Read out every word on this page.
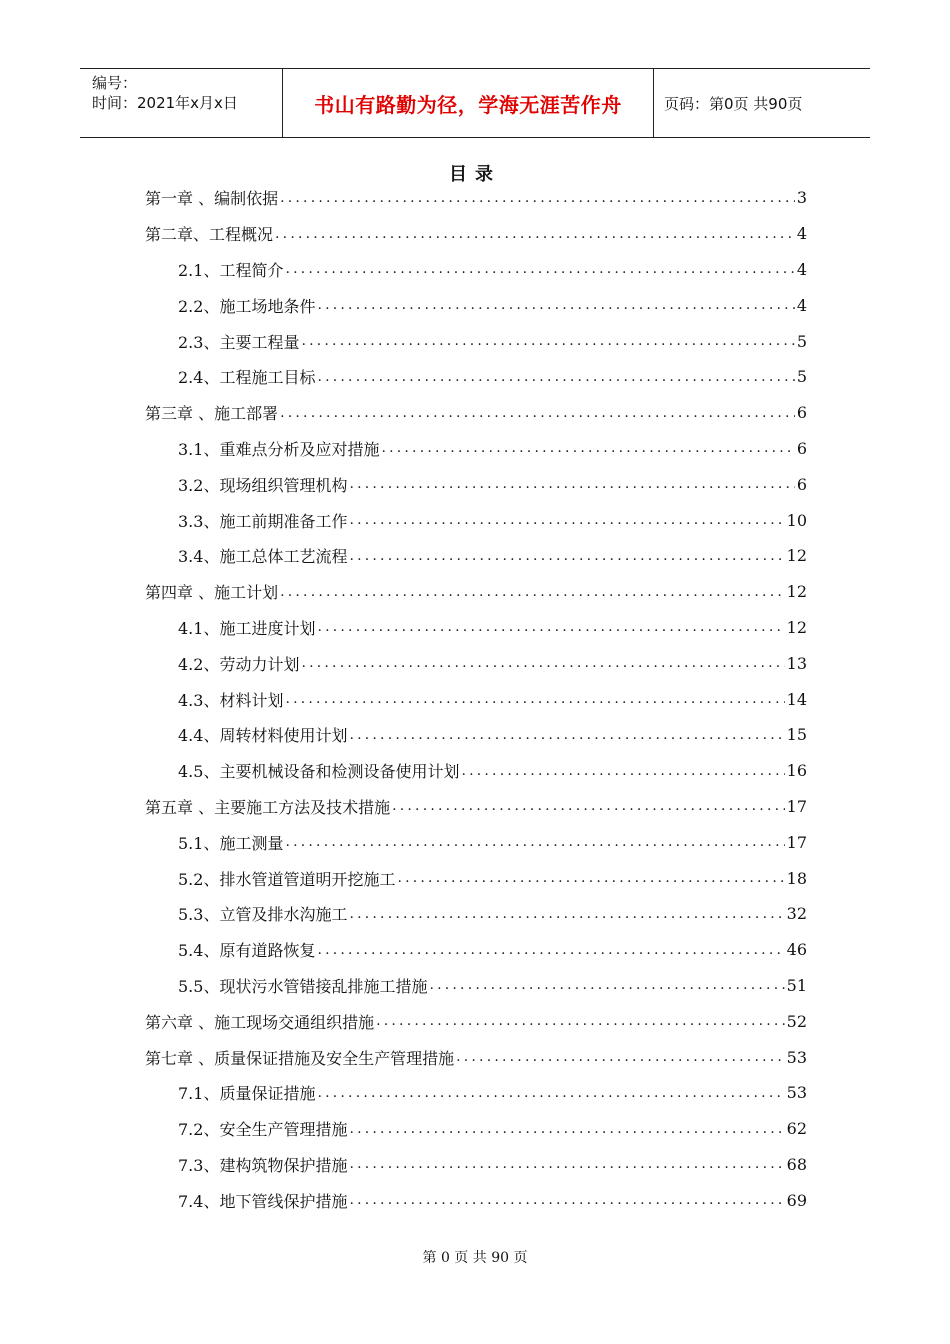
编号：
时间：2021年x月x日	书山有路勤为径，学海无涯苦作舟	页码：第0页 共90页
目录
第一章 、编制依据 .....	3
第二章、工程概况 .....	4
2.1、工程简介 .....	4
2.2、施工场地条件 .....	4
2.3、主要工程量 .....	5
2.4、工程施工目标 .....	5
第三章 、施工部署 .....	6
3.1、重难点分析及应对措施 .....	6
3.2、现场组织管理机构 .....	6
3.3、施工前期准备工作 .....	10
3.4、施工总体工艺流程 .....	12
第四章 、施工计划 .....	12
4.1、施工进度计划 .....	12
4.2、劳动力计划 .....	13
4.3、材料计划 .....	14
4.4、周转材料使用计划 .....	15
4.5、主要机械设备和检测设备使用计划 .....	16
第五章 、主要施工方法及技术措施 .....	17
5.1、施工测量 .....	17
5.2、排水管道管道明开挖施工 .....	18
5.3、立管及排水沟施工 .....	32
5.4、原有道路恢复 .....	46
5.5、现状污水管错接乱排施工措施 .....	51
第六章 、施工现场交通组织措施 .....	52
第七章 、质量保证措施及安全生产管理措施 .....	53
7.1、质量保证措施 .....	53
7.2、安全生产管理措施 .....	62
7.3、建构筑物保护措施 .....	68
7.4、地下管线保护措施 .....	69
第 0 页 共 90 页
